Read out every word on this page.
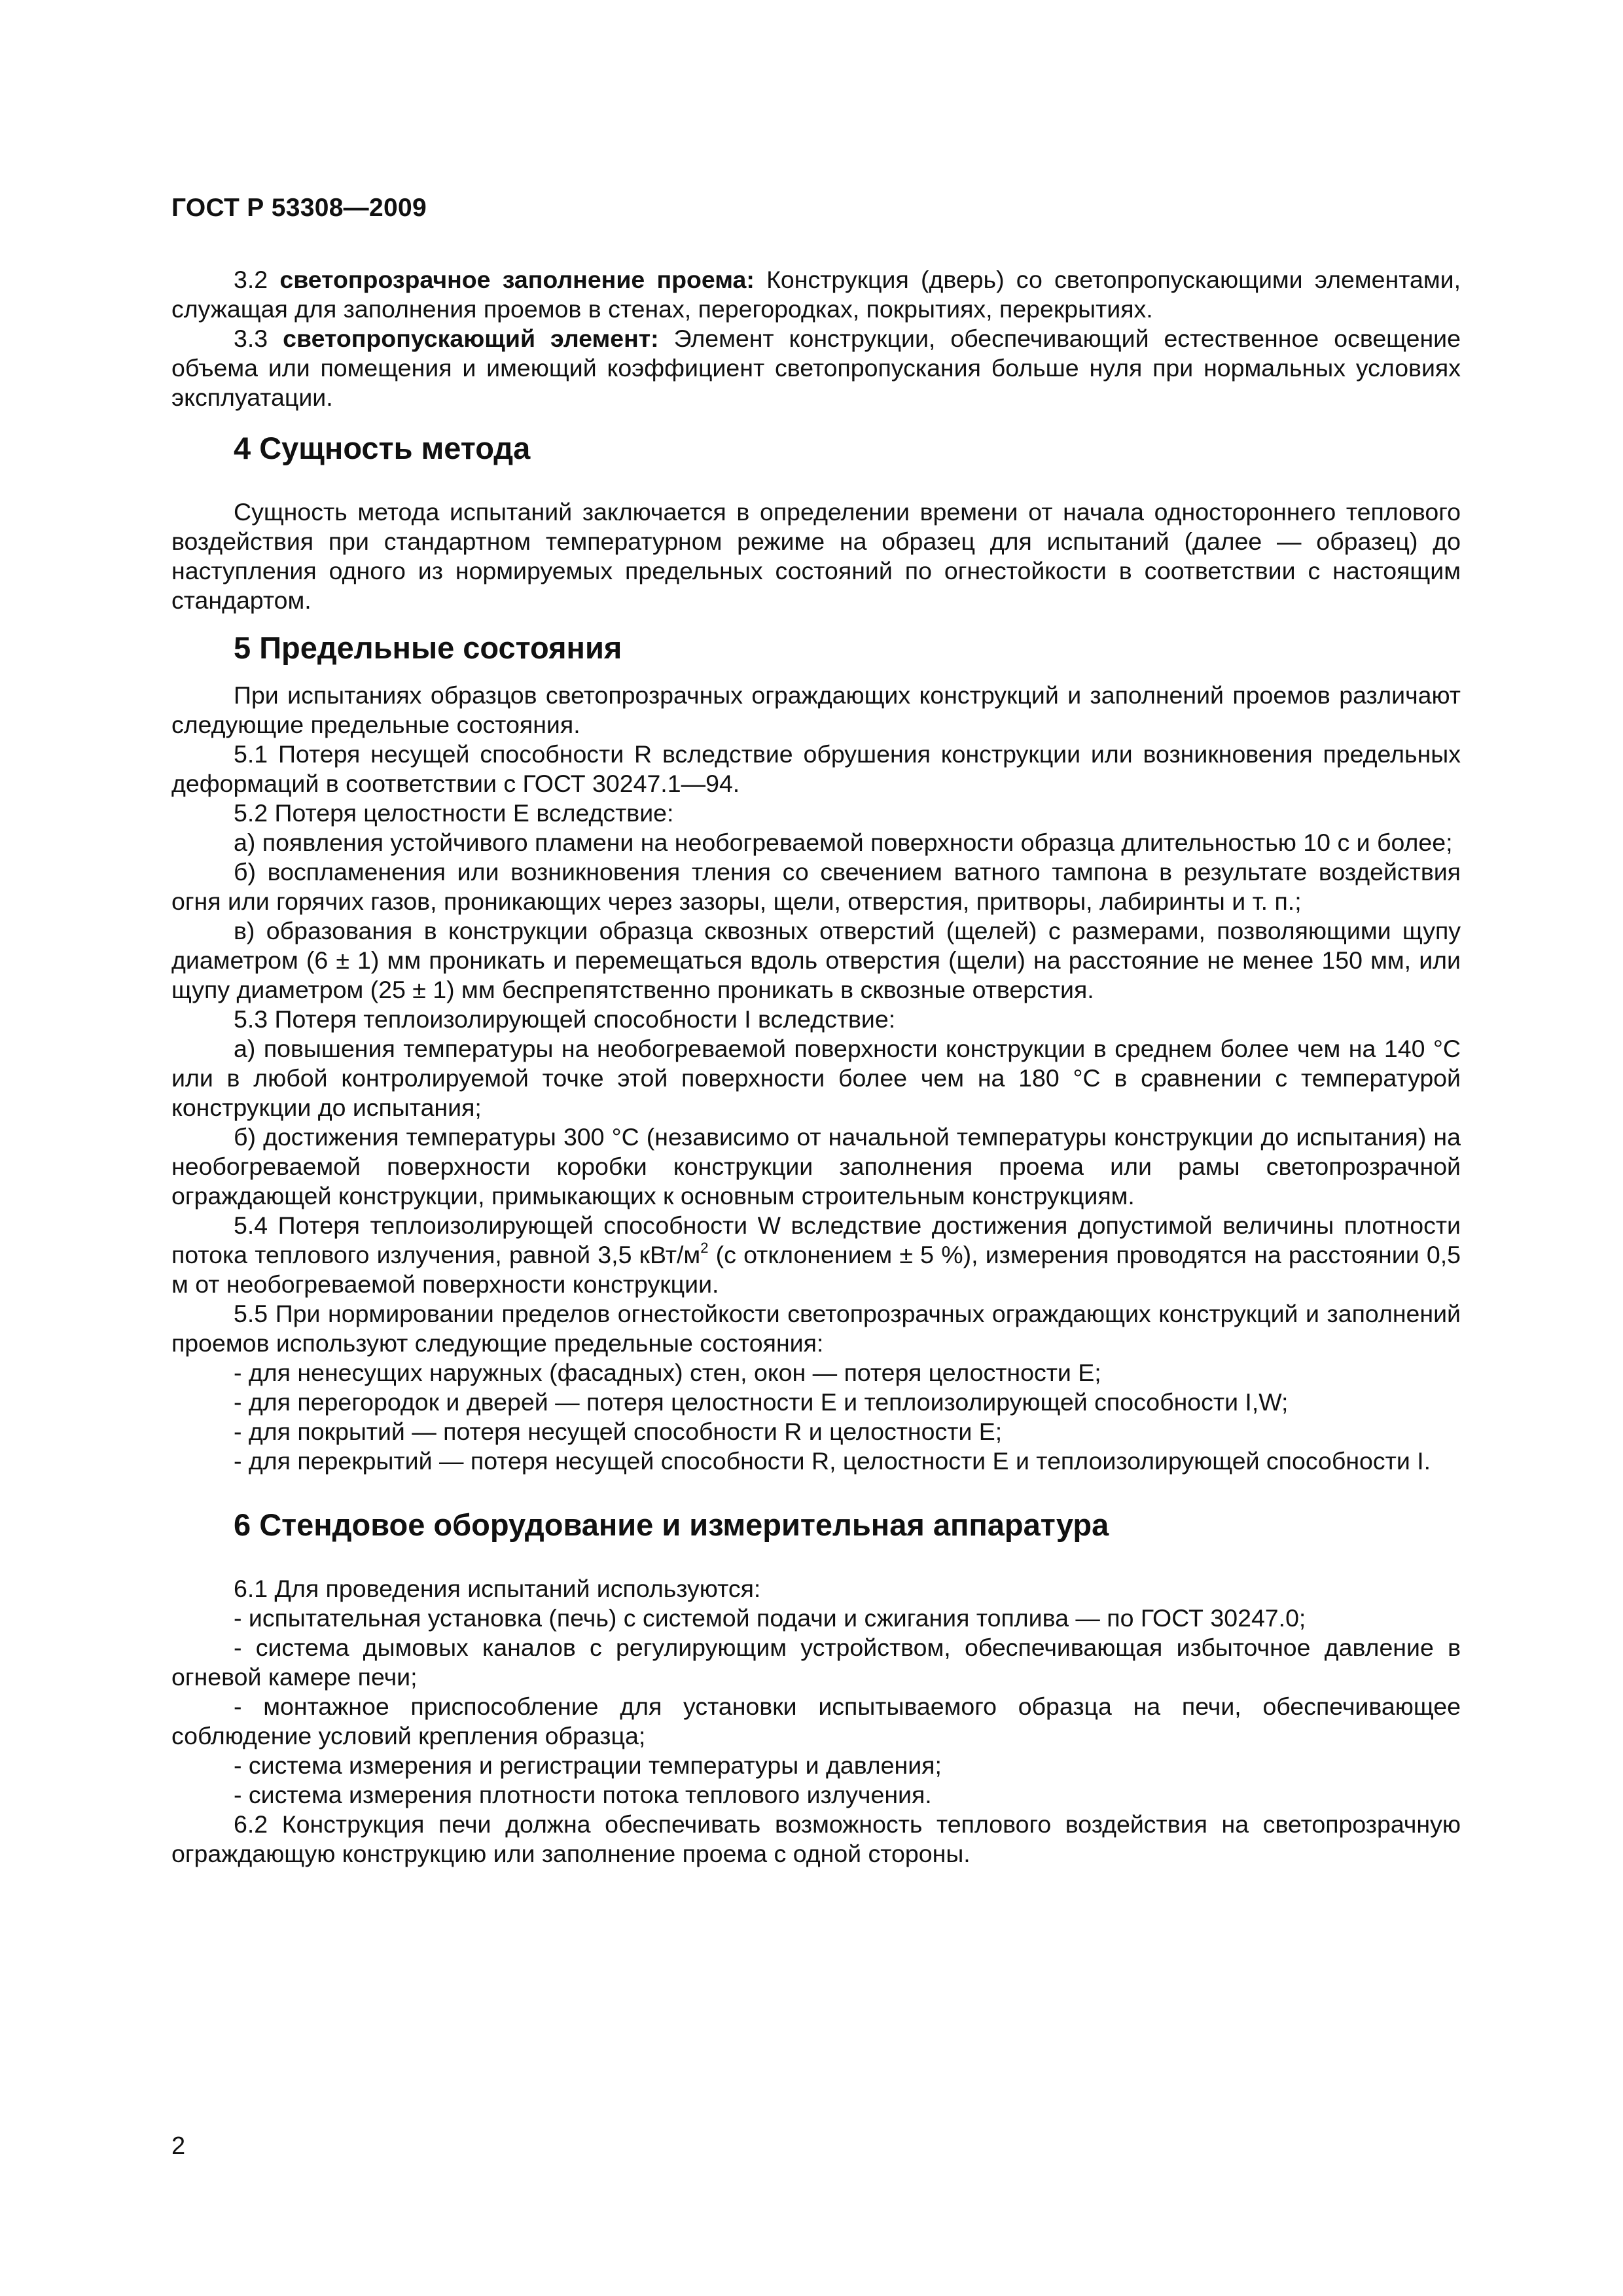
ГОСТ Р 53308—2009

3.2 светопрозрачное заполнение проема: Конструкция (дверь) со светопропускающими элементами, служащая для заполнения проемов в стенах, перегородках, покрытиях, перекрытиях.

3.3 светопропускающий элемент: Элемент конструкции, обеспечивающий естественное освещение объема или помещения и имеющий коэффициент светопропускания больше нуля при нормальных условиях эксплуатации.

4 Сущность метода

Сущность метода испытаний заключается в определении времени от начала одностороннего теплового воздействия при стандартном температурном режиме на образец для испытаний (далее — образец) до наступления одного из нормируемых предельных состояний по огнестойкости в соответствии с настоящим стандартом.

5 Предельные состояния

При испытаниях образцов светопрозрачных ограждающих конструкций и заполнений проемов различают следующие предельные состояния.

5.1 Потеря несущей способности R вследствие обрушения конструкции или возникновения предельных деформаций в соответствии с ГОСТ 30247.1—94.

5.2 Потеря целостности E вследствие:

а) появления устойчивого пламени на необогреваемой поверхности образца длительностью 10 с и более;

б) воспламенения или возникновения тления со свечением ватного тампона в результате воздействия огня или горячих газов, проникающих через зазоры, щели, отверстия, притворы, лабиринты и т. п.;

в) образования в конструкции образца сквозных отверстий (щелей) с размерами, позволяющими щупу диаметром (6 ± 1) мм проникать и перемещаться вдоль отверстия (щели) на расстояние не менее 150 мм, или щупу диаметром (25 ± 1) мм беспрепятственно проникать в сквозные отверстия.

5.3 Потеря теплоизолирующей способности I вследствие:

а) повышения температуры на необогреваемой поверхности конструкции в среднем более чем на 140 °С или в любой контролируемой точке этой поверхности более чем на 180 °С в сравнении с температурой конструкции до испытания;

б) достижения температуры 300 °С (независимо от начальной температуры конструкции до испытания) на необогреваемой поверхности коробки конструкции заполнения проема или рамы светопрозрачной ограждающей конструкции, примыкающих к основным строительным конструкциям.

5.4 Потеря теплоизолирующей способности W вследствие достижения допустимой величины плотности потока теплового излучения, равной 3,5 кВт/$м^2$ (с отклонением ± 5 %), измерения проводятся на расстоянии 0,5 м от необогреваемой поверхности конструкции.

5.5 При нормировании пределов огнестойкости светопрозрачных ограждающих конструкций и заполнений проемов используют следующие предельные состояния:

- для ненесущих наружных (фасадных) стен, окон — потеря целостности E;

- для перегородок и дверей — потеря целостности E и теплоизолирующей способности I,W;

- для покрытий — потеря несущей способности R и целостности E;

- для перекрытий — потеря несущей способности R, целостности E и теплоизолирующей способности I.

6 Стендовое оборудование и измерительная аппаратура

6.1 Для проведения испытаний используются:

- испытательная установка (печь) с системой подачи и сжигания топлива — по ГОСТ 30247.0;

- система дымовых каналов с регулирующим устройством, обеспечивающая избыточное давление в огневой камере печи;

- монтажное приспособление для установки испытываемого образца на печи, обеспечивающее соблюдение условий крепления образца;

- система измерения и регистрации температуры и давления;

- система измерения плотности потока теплового излучения.

6.2 Конструкция печи должна обеспечивать возможность теплового воздействия на светопрозрачную ограждающую конструкцию или заполнение проема с одной стороны.

2
